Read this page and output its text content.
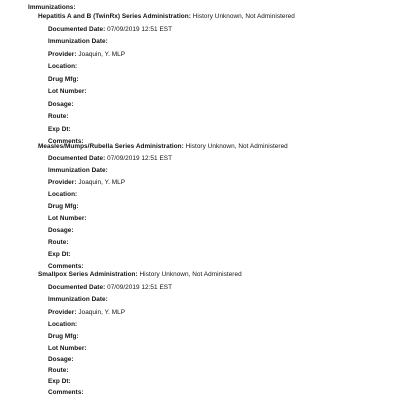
Immunizations:
Hepatitis A and B (TwinRx) Series Administration: History Unknown, Not Administered
Documented Date: 07/09/2019 12:51 EST
Immunization Date:
Provider: Joaquin, Y. MLP
Location:
Drug Mfg:
Lot Number:
Dosage:
Route:
Exp Dt:
Comments:
Measles/Mumps/Rubella Series Administration: History Unknown, Not Administered
Documented Date: 07/09/2019 12:51 EST
Immunization Date:
Provider: Joaquin, Y. MLP
Location:
Drug Mfg:
Lot Number:
Dosage:
Route:
Exp Dt:
Comments:
Smallpox Series Administration: History Unknown, Not Administered
Documented Date: 07/09/2019 12:51 EST
Immunization Date:
Provider: Joaquin, Y. MLP
Location:
Drug Mfg:
Lot Number:
Dosage:
Route:
Exp Dt:
Comments:
